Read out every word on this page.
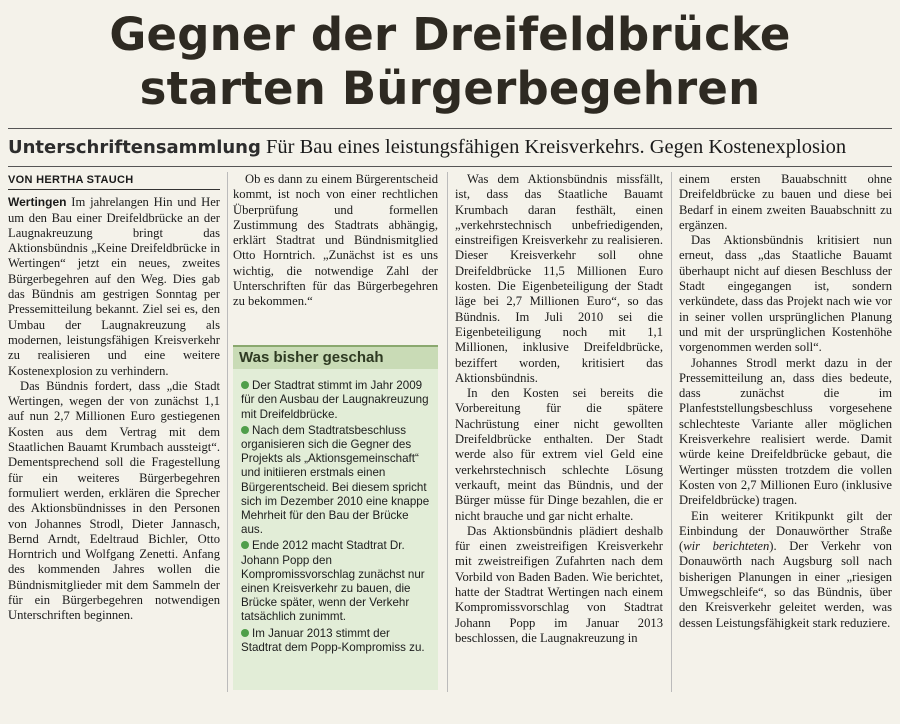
Gegner der Dreifeldbrücke
starten Bürgerbegehren
Unterschriftensammlung Für Bau eines leistungsfähigen Kreisverkehrs. Gegen Kostenexplosion
VON HERTHA STAUCH

Wertingen Im jahrelangen Hin und Her um den Bau einer Dreifeldbrücke an der Laugnakreuzung bringt das Aktionsbündnis „Keine Dreifeldbrücke in Wertingen“ jetzt ein neues, zweites Bürgerbegehren auf den Weg. Dies gab das Bündnis am gestrigen Sonntag per Pressemitteilung bekannt. Ziel sei es, den Umbau der Laugnakreuzung als modernen, leistungsfähigen Kreisverkehr zu realisieren und eine weitere Kostenexplosion zu verhindern.

Das Bündnis fordert, dass „die Stadt Wertingen, wegen der von zunächst 1,1 auf nun 2,7 Millionen Euro gestiegenen Kosten aus dem Vertrag mit dem Staatlichen Bauamt Krumbach aussteigt“. Dementsprechend soll die Fragestellung für ein weiteres Bürgerbegehren formuliert werden, erklären die Sprecher des Aktionsbündnisses in den Personen von Johannes Strodl, Dieter Jannasch, Bernd Arndt, Edeltraud Bichler, Otto Horntrich und Wolfgang Zenetti. Anfang des kommenden Jahres wollen die Bündnismitglieder mit dem Sammeln der für ein Bürgerbegehren notwendigen Unterschriften beginnen.

Ob es dann zu einem Bürgerentscheid kommt, ist noch von einer rechtlichen Überprüfung und formellen Zustimmung des Stadtrats abhängig, erklärt Stadtrat und Bündnismitglied Otto Horntrich. „Zunächst ist es uns wichtig, die notwendige Zahl der Unterschriften für das Bürgerbegehren zu bekommen.“

Was bisher geschah
Der Stadtrat stimmt im Jahr 2009 für den Ausbau der Laugnakreuzung mit Dreifeldbrücke.
Nach dem Stadtratsbeschluss organisieren sich die Gegner des Projekts als „Aktionsgemeinschaft“ und initiieren erstmals einen Bürgerentscheid. Bei diesem spricht sich im Dezember 2010 eine knappe Mehrheit für den Bau der Brücke aus.
Ende 2012 macht Stadtrat Dr. Johann Popp den Kompromissvorschlag zunächst nur einen Kreisverkehr zu bauen, die Brücke später, wenn der Verkehr tatsächlich zunimmt.
Im Januar 2013 stimmt der Stadtrat dem Popp-Kompromiss zu.

Was dem Aktionsbündnis missfällt, ist, dass das Staatliche Bauamt Krumbach daran festhält, einen „verkehrstechnisch unbefriedigenden, einstreifigen Kreisverkehr zu realisieren. Dieser Kreisverkehr soll ohne Dreifeldbrücke 11,5 Millionen Euro kosten. Die Eigenbeteiligung der Stadt läge bei 2,7 Millionen Euro“, so das Bündnis. Im Juli 2010 sei die Eigenbeteiligung noch mit 1,1 Millionen, inklusive Dreifeldbrücke, beziffert worden, kritisiert das Aktionsbündnis.

In den Kosten sei bereits die Vorbereitung für die spätere Nachrüstung einer nicht gewollten Dreifeldbrücke enthalten. Der Stadt werde also für extrem viel Geld eine verkehrstechnisch schlechte Lösung verkauft, meint das Bündnis, und der Bürger müsse für Dinge bezahlen, die er nicht brauche und gar nicht erhalte.

Das Aktionsbündnis plädiert deshalb für einen zweistreifigen Kreisverkehr mit zweistreifigen Zufahrten nach dem Vorbild von Baden Baden. Wie berichtet, hatte der Stadtrat Wertingen nach einem Kompromissvorschlag von Stadtrat Johann Popp im Januar 2013 beschlossen, die Laugnakreuzung in

einem ersten Bauabschnitt ohne Dreifeldbrücke zu bauen und diese bei Bedarf in einem zweiten Bauabschnitt zu ergänzen.

Das Aktionsbündnis kritisiert nun erneut, dass „das Staatliche Bauamt überhaupt nicht auf diesen Beschluss der Stadt eingegangen ist, sondern verkündete, dass das Projekt nach wie vor in seiner vollen ursprünglichen Planung und mit der ursprünglichen Kostenhöhe vorgenommen werden soll“.

Johannes Strodl merkt dazu in der Pressemitteilung an, dass dies bedeute, dass zunächst die im Planfeststellungsbeschluss vorgesehene schlechteste Variante aller möglichen Kreisverkehre realisiert werde. Damit würde keine Dreifeldbrücke gebaut, die Wertinger müssten trotzdem die vollen Kosten von 2,7 Millionen Euro (inklusive Dreifeldbrücke) tragen.

Ein weiterer Kritikpunkt gilt der Einbindung der Donauwörther Straße (wir berichteten). Der Verkehr von Donauwörth nach Augsburg soll nach bisherigen Planungen in einer „riesigen Umwegschleife“, so das Bündnis, über den Kreisverkehr geleitet werden, was dessen Leistungsfähigkeit stark reduziere.
